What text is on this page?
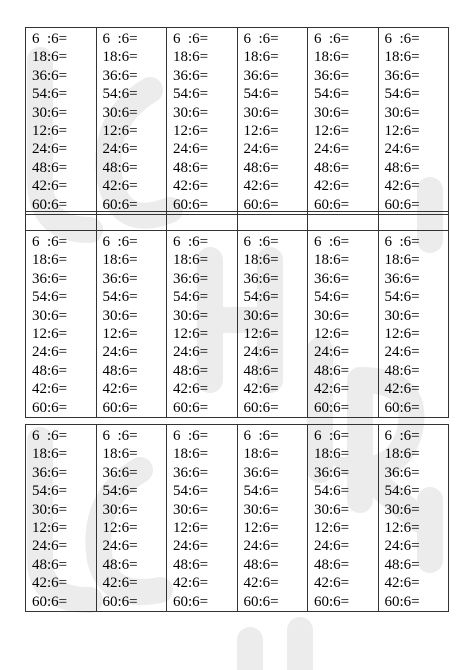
6  :6=
18:6=
36:6=
54:6=
30:6=
12:6=
24:6=
48:6=
42:6=
60:6=

6  :6=
18:6=
36:6=
54:6=
30:6=
12:6=
24:6=
48:6=
42:6=
60:6=

6  :6=
18:6=
36:6=
54:6=
30:6=
12:6=
24:6=
48:6=
42:6=
60:6=

6  :6=
18:6=
36:6=
54:6=
30:6=
12:6=
24:6=
48:6=
42:6=
60:6=

6  :6=
18:6=
36:6=
54:6=
30:6=
12:6=
24:6=
48:6=
42:6=
60:6=

6  :6=
18:6=
36:6=
54:6=
30:6=
12:6=
24:6=
48:6=
42:6=
60:6=
6  :6=
18:6=
36:6=
54:6=
30:6=
12:6=
24:6=
48:6=
42:6=
60:6=

6  :6=
18:6=
36:6=
54:6=
30:6=
12:6=
24:6=
48:6=
42:6=
60:6=

6  :6=
18:6=
36:6=
54:6=
30:6=
12:6=
24:6=
48:6=
42:6=
60:6=

6  :6=
18:6=
36:6=
54:6=
30:6=
12:6=
24:6=
48:6=
42:6=
60:6=

6  :6=
18:6=
36:6=
54:6=
30:6=
12:6=
24:6=
48:6=
42:6=
60:6=

6  :6=
18:6=
36:6=
54:6=
30:6=
12:6=
24:6=
48:6=
42:6=
60:6=
6  :6=
18:6=
36:6=
54:6=
30:6=
12:6=
24:6=
48:6=
42:6=
60:6=

6  :6=
18:6=
36:6=
54:6=
30:6=
12:6=
24:6=
48:6=
42:6=
60:6=

6  :6=
18:6=
36:6=
54:6=
30:6=
12:6=
24:6=
48:6=
42:6=
60:6=

6  :6=
18:6=
36:6=
54:6=
30:6=
12:6=
24:6=
48:6=
42:6=
60:6=

6  :6=
18:6=
36:6=
54:6=
30:6=
12:6=
24:6=
48:6=
42:6=
60:6=

6  :6=
18:6=
36:6=
54:6=
30:6=
12:6=
24:6=
48:6=
42:6=
60:6=
